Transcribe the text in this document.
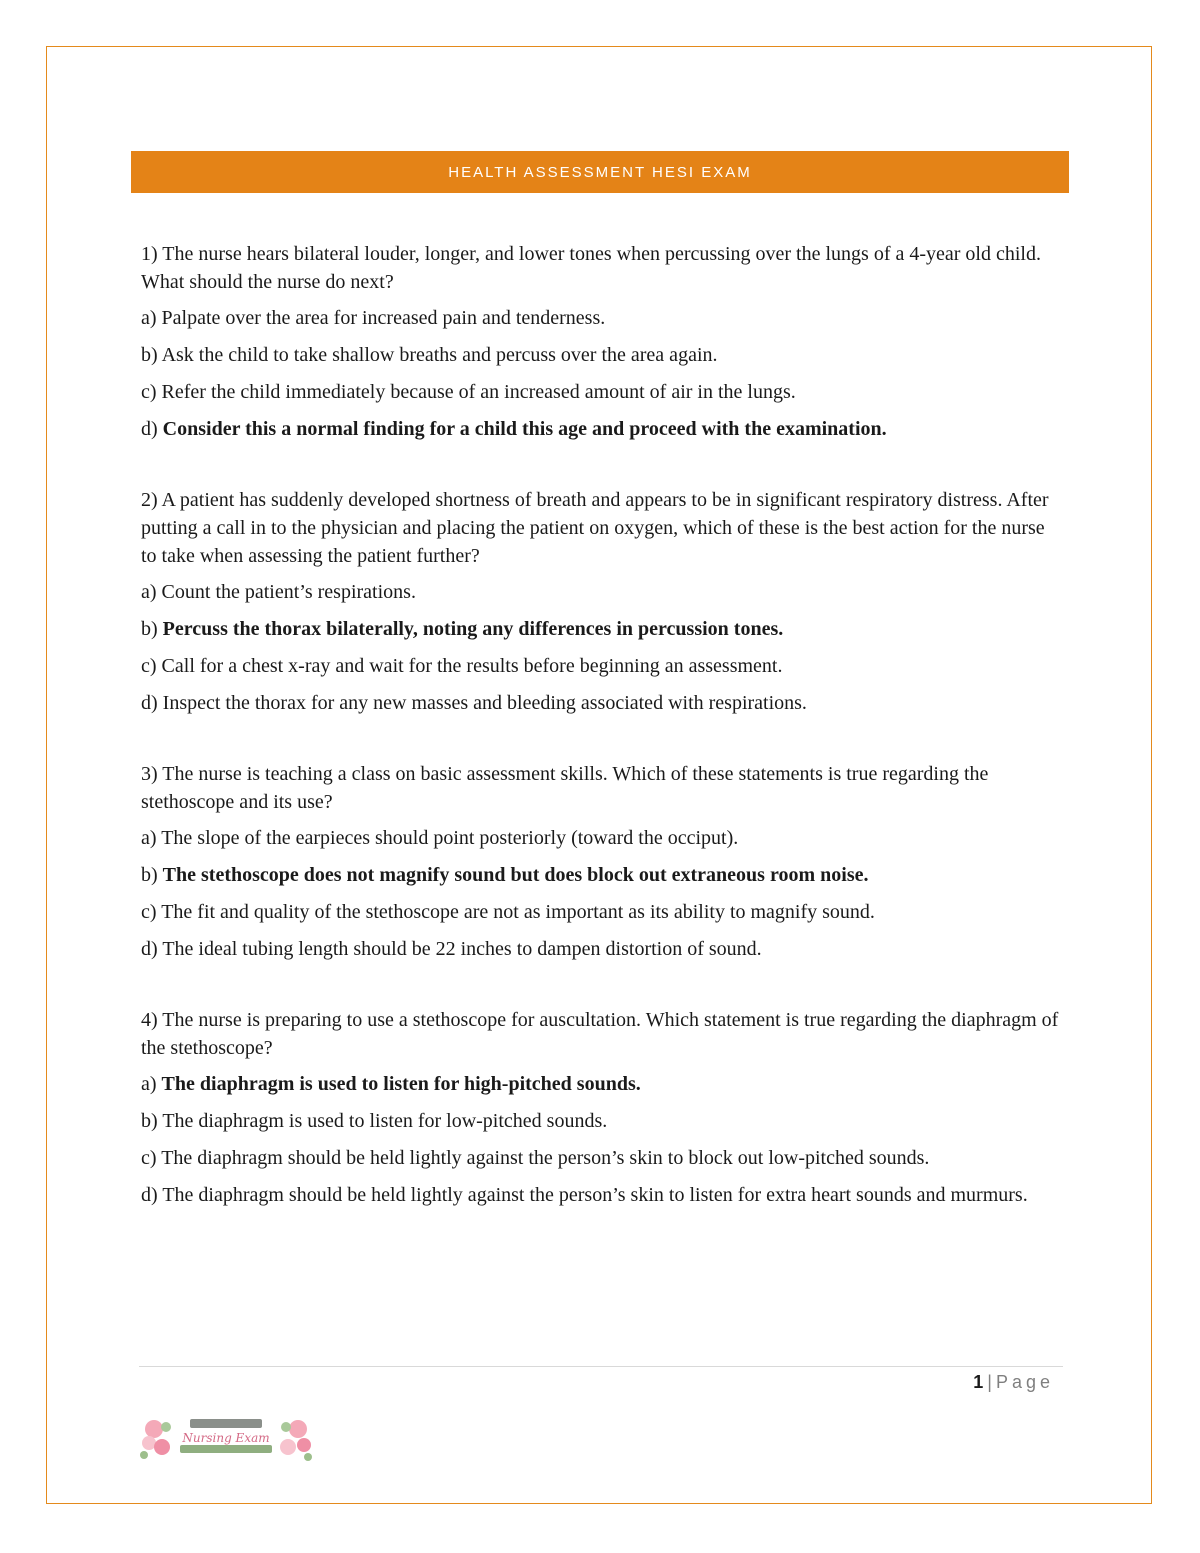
HEALTH ASSESSMENT HESI EXAM

1) The nurse hears bilateral louder, longer, and lower tones when percussing over the lungs of a 4-year old child. What should the nurse do next?

a) Palpate over the area for increased pain and tenderness.

b) Ask the child to take shallow breaths and percuss over the area again.

c) Refer the child immediately because of an increased amount of air in the lungs.

d) Consider this a normal finding for a child this age and proceed with the examination.

2) A patient has suddenly developed shortness of breath and appears to be in significant respiratory distress. After putting a call in to the physician and placing the patient on oxygen, which of these is the best action for the nurse to take when assessing the patient further?

a) Count the patient’s respirations.

b) Percuss the thorax bilaterally, noting any differences in percussion tones.

c) Call for a chest x-ray and wait for the results before beginning an assessment.

d) Inspect the thorax for any new masses and bleeding associated with respirations.

3) The nurse is teaching a class on basic assessment skills. Which of these statements is true regarding the stethoscope and its use?

a) The slope of the earpieces should point posteriorly (toward the occiput).

b) The stethoscope does not magnify sound but does block out extraneous room noise.

c) The fit and quality of the stethoscope are not as important as its ability to magnify sound.

d) The ideal tubing length should be 22 inches to dampen distortion of sound.

4) The nurse is preparing to use a stethoscope for auscultation. Which statement is true regarding the diaphragm of the stethoscope?

a) The diaphragm is used to listen for high-pitched sounds.

b) The diaphragm is used to listen for low-pitched sounds.

c) The diaphragm should be held lightly against the person’s skin to block out low-pitched sounds.

d) The diaphragm should be held lightly against the person’s skin to listen for extra heart sounds and murmurs.

1 | Page
Nursing Exam
